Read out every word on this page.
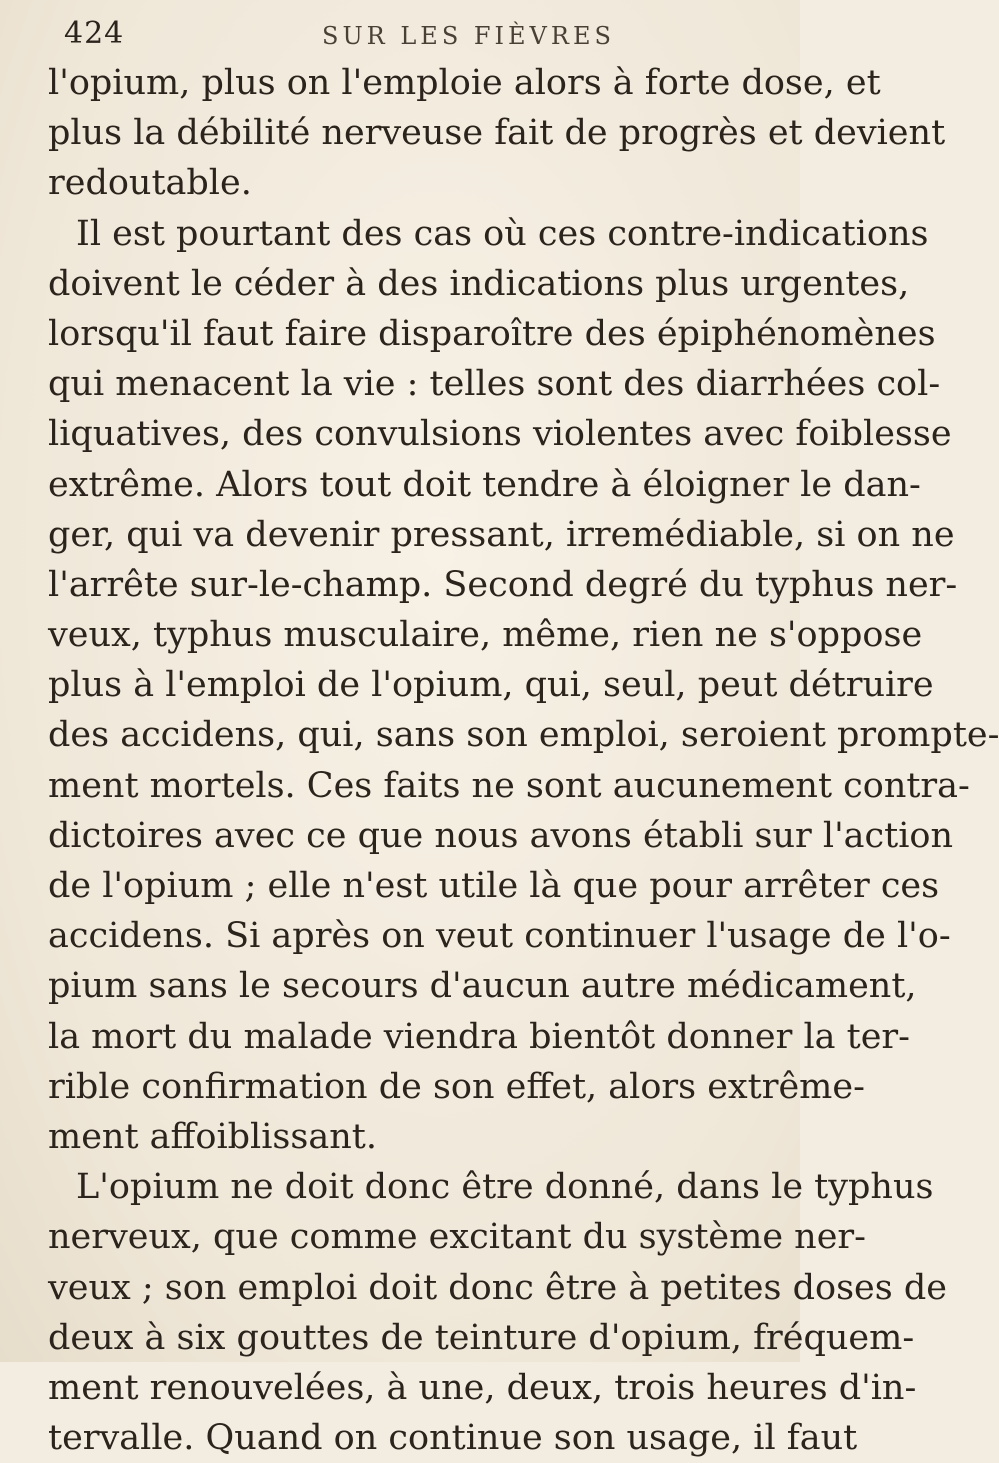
424	SUR LES FIÈVRES
l'opium, plus on l'emploie alors à forte dose, et
plus la débilité nerveuse fait de progrès et devient
redoutable.
Il est pourtant des cas où ces contre-indications
doivent le céder à des indications plus urgentes,
lorsqu'il faut faire disparoître des épiphénomènes
qui menacent la vie : telles sont des diarrhées col-
liquatives, des convulsions violentes avec foiblesse
extrême. Alors tout doit tendre à éloigner le dan-
ger, qui va devenir pressant, irremédiable, si on ne
l'arrête sur-le-champ. Second degré du typhus ner-
veux, typhus musculaire, même, rien ne s'oppose
plus à l'emploi de l'opium, qui, seul, peut détruire
des accidens, qui, sans son emploi, seroient prompte-
ment mortels. Ces faits ne sont aucunement contra-
dictoires avec ce que nous avons établi sur l'action
de l'opium ; elle n'est utile là que pour arrêter ces
accidens. Si après on veut continuer l'usage de l'o-
pium sans le secours d'aucun autre médicament,
la mort du malade viendra bientôt donner la ter-
rible confirmation de son effet, alors extrême-
ment affoiblissant.
L'opium ne doit donc être donné, dans le typhus
nerveux, que comme excitant du système ner-
veux ; son emploi doit donc être à petites doses de
deux à six gouttes de teinture d'opium, fréquem-
ment renouvelées, à une, deux, trois heures d'in-
tervalle. Quand on continue son usage, il faut
